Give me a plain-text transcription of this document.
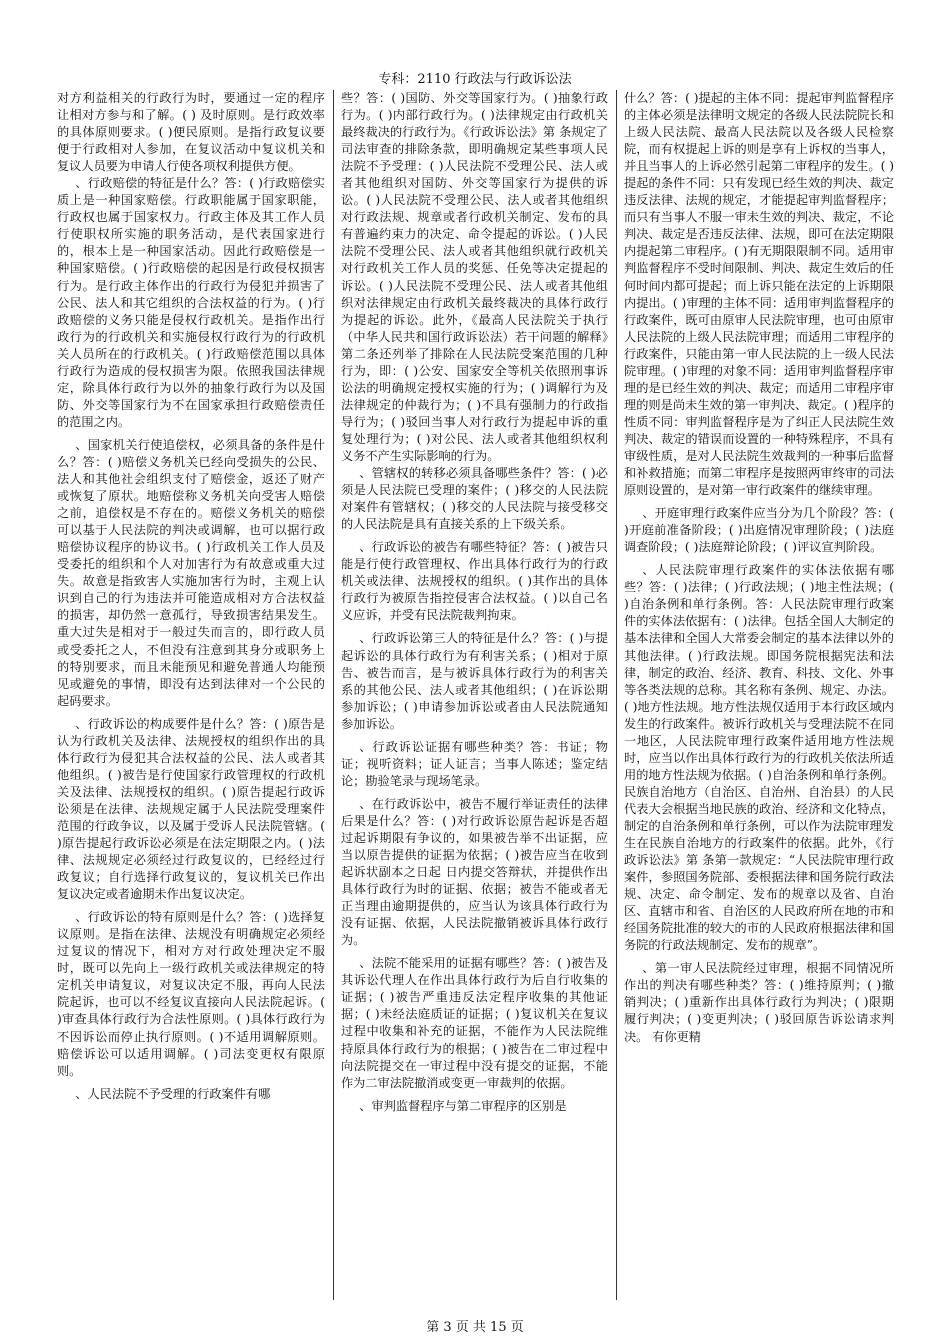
专科：2110 行政法与行政诉讼法

对方利益相关的行政行为时，要通过一定的程序让相对方参与和了解。( ) 及时原则。是行政效率的具体原则要求。( )便民原则。是指行政复议要便于行政相对人参加，在复议活动中复议机关和复议人员要为申请人行使各项权利提供方便。

、行政赔偿的特征是什么？答：( )行政赔偿实质上是一种国家赔偿。行政职能属于国家职能，行政权也属于国家权力。行政主体及其工作人员行使职权所实施的职务活动，是代表国家进行的，根本上是一种国家活动。因此行政赔偿是一种国家赔偿。( )行政赔偿的起因是行政侵权损害行为。是行政主体作出的行政行为侵犯并损害了公民、法人和其它组织的合法权益的行为。( )行政赔偿的义务只能是侵权行政机关。是指作出行政行为的行政机关和实施侵权行政行为的行政机关人员所在的行政机关。( )行政赔偿范围以具体行政行为造成的侵权损害为限。依照我国法律规定，除具体行政行为以外的抽象行政行为以及国防、外交等国家行为不在国家承担行政赔偿责任的范围之内。

、国家机关行使追偿权，必须具备的条件是什么？答：( )赔偿义务机关已经向受损失的公民、法人和其他社会组织支付了赔偿金，返还了财产或恢复了原状。地赔偿称义务机关向受害人赔偿之前，追偿权是不存在的。赔偿义务机关的赔偿可以基于人民法院的判决或调解，也可以据行政赔偿协议程序的协议书。( )行政机关工作人员及受委托的组织和个人对加害行为有故意或重大过失。故意是指致害人实施加害行为时，主观上认识到自己的行为违法并可能造成相对方合法权益的损害，却仍然一意孤行，导致损害结果发生。重大过失是相对于一般过失而言的，即行政人员或受委托之人，不但没有注意到其身分或职务上的特别要求，而且未能预见和避免普通人均能预见或避免的事情，即没有达到法律对一个公民的起码要求。

、行政诉讼的构成要件是什么？答：( )原告是认为行政机关及法律、法规授权的组织作出的具体行政行为侵犯其合法权益的公民、法人或者其他组织。( )被告是行使国家行政管理权的行政机关及法律、法规授权的组织。( )原告提起行政诉讼须是在法律、法规规定属于人民法院受理案件范围的行政争议，以及属于受诉人民法院管辖。( )原告提起行政诉讼必须是在法定期限之内。( )法律、法规规定必须经过行政复议的，已经经过行政复议；自行选择行政复议的，复议机关已作出复议决定或者逾期未作出复议决定。

、行政诉讼的特有原则是什么？答：( )选择复议原则。是指在法律、法规没有明确规定必须经过复议的情况下，相对方对行政处理决定不服时，既可以先向上一级行政机关或法律规定的特定机关申请复议，对复议决定不服，再向人民法院起诉，也可以不经复议直接向人民法院起诉。( )审查具体行政行为合法性原则。( )具体行政行为不因诉讼而停止执行原则。( )不适用调解原则。赔偿诉讼可以适用调解。( )司法变更权有限原则。

、人民法院不予受理的行政案件有哪

些？答：( )国防、外交等国家行为。( )抽象行政行为。( )内部行政行为。( )法律规定由行政机关最终裁决的行政行为。《行政诉讼法》第 条规定了司法审查的排除条款，即明确规定某些事项人民法院不予受理：( )人民法院不受理公民、法人或者其他组织对国防、外交等国家行为提供的诉讼。( )人民法院不受理公民、法人或者其他组织对行政法规、规章或者行政机关制定、发布的具有普遍约束力的决定、命令提起的诉讼。( )人民法院不受理公民、法人或者其他组织就行政机关对行政机关工作人员的奖惩、任免等决定提起的诉讼。( )人民法院不受理公民、法人或者其他组织对法律规定由行政机关最终裁决的具体行政行为提起的诉讼。此外，《最高人民法院关于执行（中华人民共和国行政诉讼法）若干问题的解释》第二条还列举了排除在人民法院受案范围的几种行为，即：( )公安、国家安全等机关依照刑事诉讼法的明确规定授权实施的行为；( )调解行为及法律规定的仲裁行为；( )不具有强制力的行政指导行为；( )驳回当事人对行政行为提起申诉的重复处理行为；( )对公民、法人或者其他组织权利义务不产生实际影响的行为。

、管辖权的转移必须具备哪些条件？答：( )必须是人民法院已受理的案件；( )移交的人民法院对案件有管辖权；( )移交的人民法院与接受移交的人民法院是具有直接关系的上下级关系。

、行政诉讼的被告有哪些特征？答：( )被告只能是行使行政管理权、作出具体行政行为的行政机关或法律、法规授权的组织。( )其作出的具体行政行为被原告指控侵害合法权益。( )以自己名义应诉，并受有民法院裁判拘束。

、行政诉讼第三人的特征是什么？答：( )与提起诉讼的具体行政行为有利害关系；( )相对于原告、被告而言，是与被诉具体行政行为的利害关系的其他公民、法人或者其他组织；( )在诉讼期参加诉讼；( )申请参加诉讼或者由人民法院通知参加诉讼。

、行政诉讼证据有哪些种类？答：书证；物证；视听资料；证人证言；当事人陈述；鉴定结论；勘验笔录与现场笔录。

、在行政诉讼中，被告不履行举证责任的法律后果是什么？答：( )对行政诉讼原告起诉是否超过起诉期限有争议的，如果被告举不出证据，应当以原告提供的证据为依据；( )被告应当在收到起诉状副本之日起 日内提交答辩状，并提供作出具体行政行为时的证据、依据；被告不能或者无正当理由逾期提供的，应当认为该具体行政行为没有证据、依据，人民法院撤销被诉具体行政行为。

、法院不能采用的证据有哪些？答：( )被告及其诉讼代理人在作出具体行政行为后自行收集的证据；( )被告严重违反法定程序收集的其他证据；( )未经法庭质证的证据；( )复议机关在复议过程中收集和补充的证据，不能作为人民法院维持原具体行政行为的根据；( )被告在二审过程中向法院提交在一审过程中没有提交的证据，不能作为二审法院撤消或变更一审裁判的依据。

、审判监督程序与第二审程序的区别是

什么？答：( )提起的主体不同：提起审判监督程序的主体必须是法律明文规定的各级人民法院院长和上级人民法院、最高人民法院以及各级人民检察院，而有权提起上诉的则是享有上诉权的当事人，并且当事人的上诉必然引起第二审程序的发生。( )提起的条件不同：只有发现已经生效的判决、裁定违反法律、法规的规定，才能提起审判监督程序；而只有当事人不服一审未生效的判决、裁定，不论判决、裁定是否违反法律、法规，即可在法定期限内提起第二审程序。( )有无期限限制不同。适用审判监督程序不受时间限制、判决、裁定生效后的任何时间内都可提起；而上诉只能在法定的上诉期限内提出。( )审理的主体不同：适用审判监督程序的行政案件，既可由原审人民法院审理，也可由原审人民法院的上级人民法院审理；而适用二审程序的行政案件，只能由第一审人民法院的上一级人民法院审理。( )审理的对象不同：适用审判监督程序审理的是已经生效的判决、裁定；而适用二审程序审理的则是尚未生效的第一审判决、裁定。( )程序的性质不同：审判监督程序是为了纠正人民法院生效判决、裁定的错误而设置的一种特殊程序，不具有审级性质，是对人民法院生效裁判的一种事后监督和补救措施；而第二审程序是按照两审终审的司法原则设置的，是对第一审行政案件的继续审理。

、开庭审理行政案件应当分为几个阶段？答：( )开庭前准备阶段；( )出庭情况审理阶段；( )法庭调查阶段；( )法庭辩论阶段；( )评议宣判阶段。

、人民法院审理行政案件的实体法依据有哪些？答：( )法律；( )行政法规；( )地主性法规；( )自治条例和单行条例。答：人民法院审理行政案件的实体法依据有：( )法律。包括全国人大制定的基本法律和全国人大常委会制定的基本法律以外的其他法律。( )行政法规。即国务院根据宪法和法律，制定的政治、经济、教育、科技、文化、外事等各类法规的总称。其名称有条例、规定、办法。( )地方性法规。地方性法规仅适用于本行政区域内发生的行政案件。被诉行政机关与受理法院不在同一地区，人民法院审理行政案件适用地方性法规时，应当以作出具体行政行为的行政机关依法所适用的地方性法规为依据。( )自治条例和单行条例。民族自治地方（自治区、自治州、自治县）的人民代表大会根据当地民族的政治、经济和文化特点，制定的自治条例和单行条例，可以作为法院审理发生在民族自治地方的行政案件的依据。此外，《行政诉讼法》第 条第一款规定：“人民法院审理行政案件，参照国务院部、委根据法律和国务院行政法规、决定、命令制定、发布的规章以及省、自治区、直辖市和省、自治区的人民政府所在地的市和经国务院批准的较大的市的人民政府根据法律和国务院的行政法规制定、发布的规章”。

、第一审人民法院经过审理，根据不同情况所作出的判决有哪些种类？答：( )维持原判；( )撤销判决；( )重新作出具体行政行为判决；( )限期履行判决；( )变更判决；( )驳回原告诉讼请求判决。 有你更精

第 3 页 共 15 页
